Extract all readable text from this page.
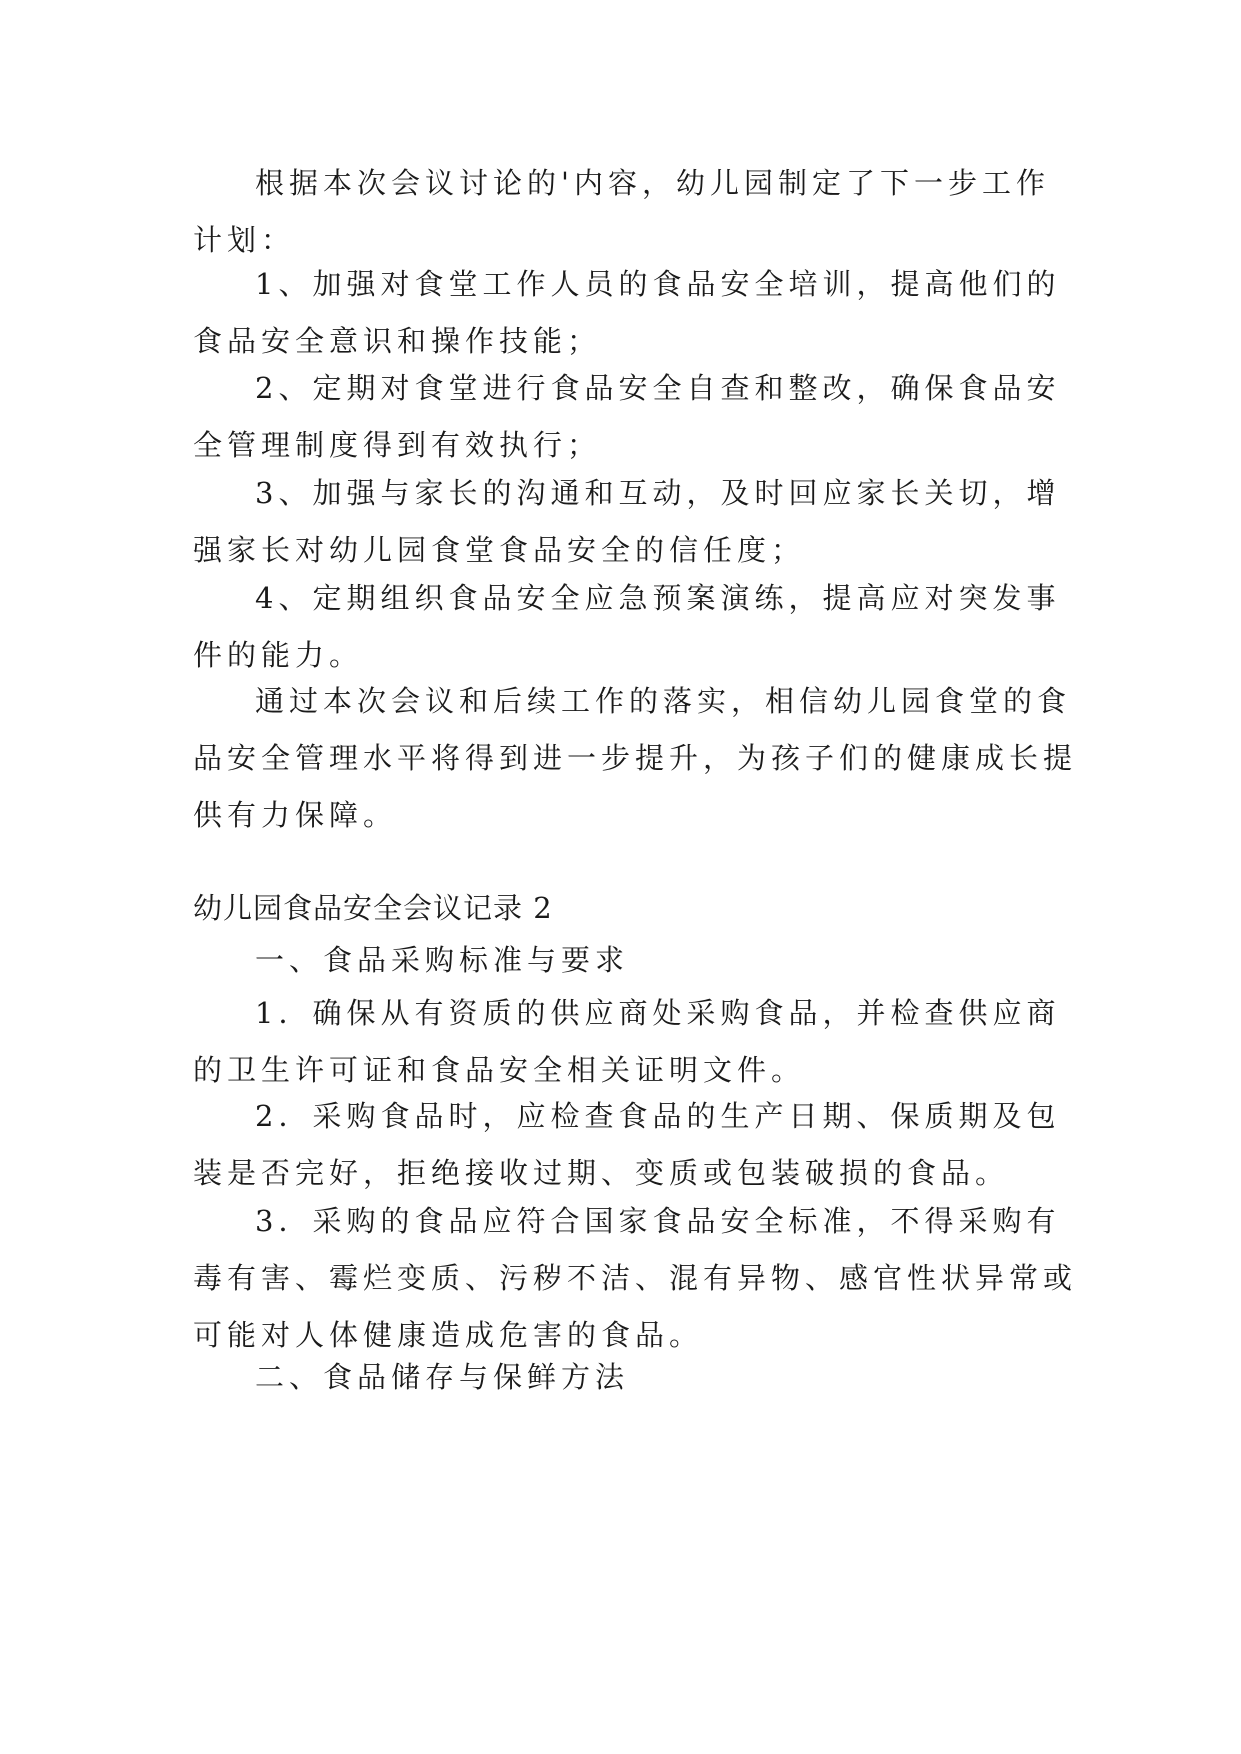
根据本次会议讨论的'内容，幼儿园制定了下一步工作
计划：

1、加强对食堂工作人员的食品安全培训，提高他们的
食品安全意识和操作技能；

2、定期对食堂进行食品安全自查和整改，确保食品安
全管理制度得到有效执行；

3、加强与家长的沟通和互动，及时回应家长关切，增
强家长对幼儿园食堂食品安全的信任度；

4、定期组织食品安全应急预案演练，提高应对突发事
件的能力。

通过本次会议和后续工作的落实，相信幼儿园食堂的食
品安全管理水平将得到进一步提升，为孩子们的健康成长提
供有力保障。

幼儿园食品安全会议记录 2

一、食品采购标准与要求

1．确保从有资质的供应商处采购食品，并检查供应商
的卫生许可证和食品安全相关证明文件。

2．采购食品时，应检查食品的生产日期、保质期及包
装是否完好，拒绝接收过期、变质或包装破损的食品。

3．采购的食品应符合国家食品安全标准，不得采购有
毒有害、霉烂变质、污秽不洁、混有异物、感官性状异常或
可能对人体健康造成危害的食品。

二、食品储存与保鲜方法
